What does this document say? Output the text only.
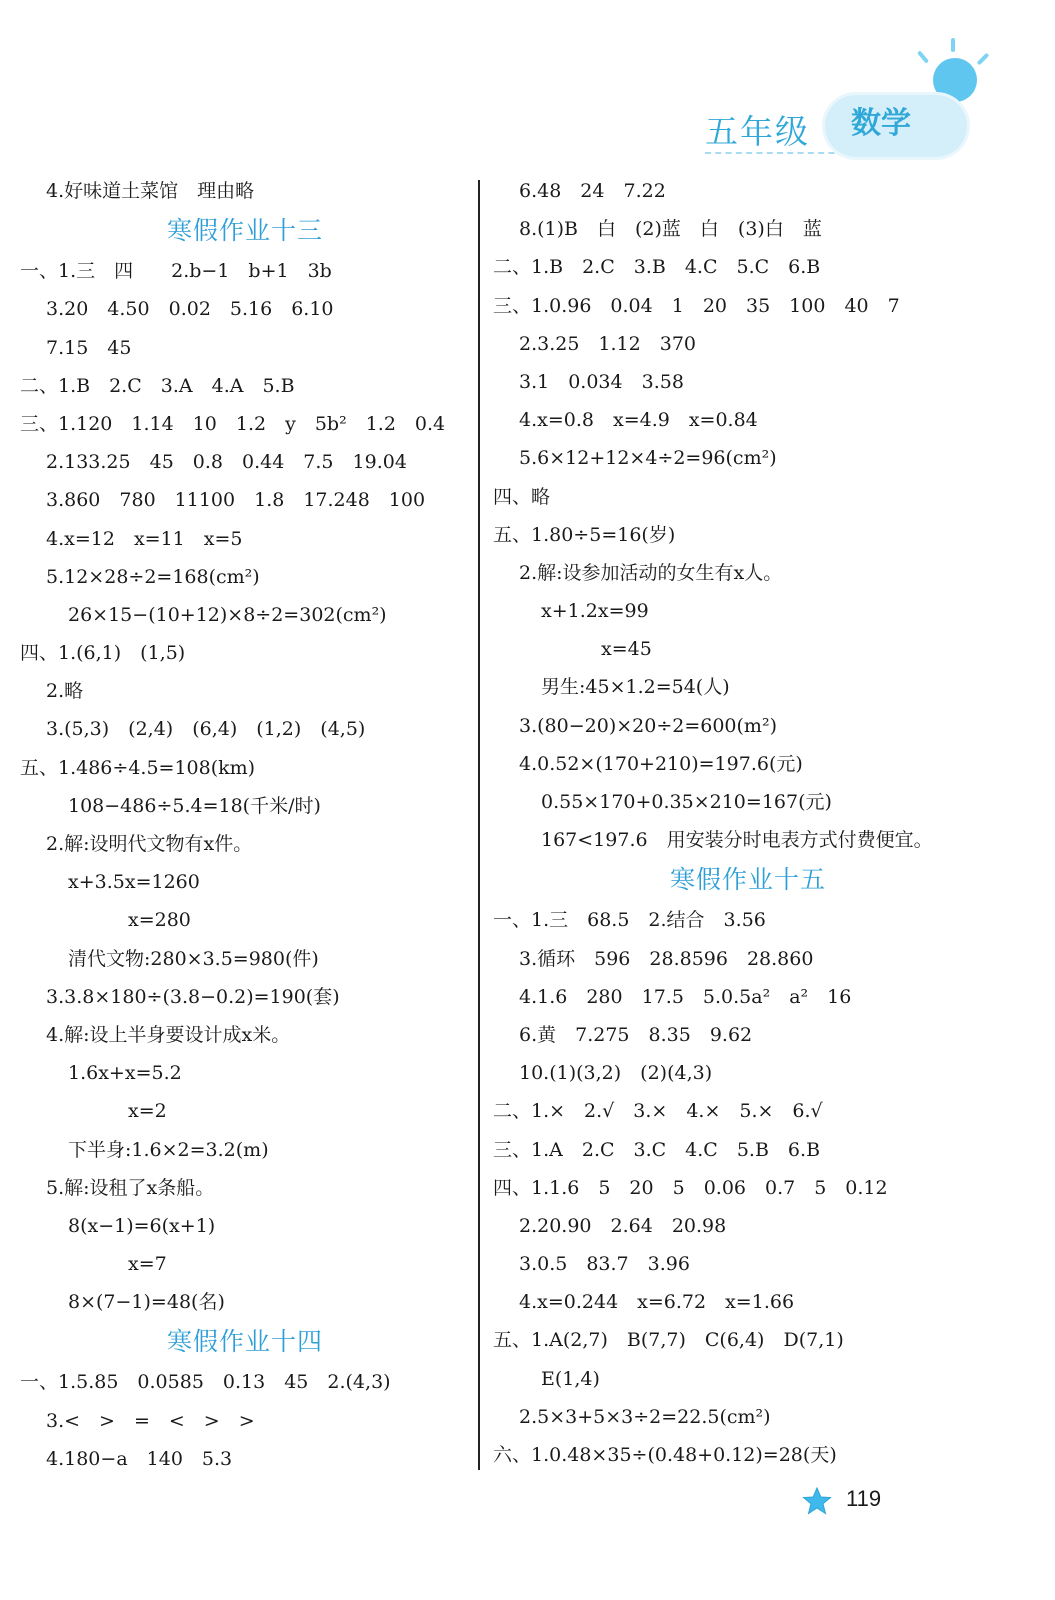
五年级 数学
4.好味道土菜馆　理由略
寒假作业十三
一、1.三　四　　2.b−1　b+1　3b
3.20　4.50　0.02　5.16　6.10
7.15　45
二、1.B　2.C　3.A　4.A　5.B
三、1.120　1.14　10　1.2　y　5b²　1.2　0.4
2.133.25　45　0.8　0.44　7.5　19.04
3.860　780　11100　1.8　17.248　100
4.x=12　x=11　x=5
5.12×28÷2=168(cm²)
26×15−(10+12)×8÷2=302(cm²)
四、1.(6,1)　(1,5)
2.略
3.(5,3)　(2,4)　(6,4)　(1,2)　(4,5)
五、1.486÷4.5=108(km)
108−486÷5.4=18(千米/时)
2.解:设明代文物有x件。
x+3.5x=1260
x=280
清代文物:280×3.5=980(件)
3.3.8×180÷(3.8−0.2)=190(套)
4.解:设上半身要设计成x米。
1.6x+x=5.2
x=2
下半身:1.6×2=3.2(m)
5.解:设租了x条船。
8(x−1)=6(x+1)
x=7
8×(7−1)=48(名)
寒假作业十四
一、1.5.85　0.0585　0.13　45　2.(4,3)
3.<　>　=　<　>　>
4.180−a　140　5.3
6.48　24　7.22
8.(1)B　白　(2)蓝　白　(3)白　蓝
二、1.B　2.C　3.B　4.C　5.C　6.B
三、1.0.96　0.04　1　20　35　100　40　7
2.3.25　1.12　370
3.1　0.034　3.58
4.x=0.8　x=4.9　x=0.84
5.6×12+12×4÷2=96(cm²)
四、略
五、1.80÷5=16(岁)
2.解:设参加活动的女生有x人。
x+1.2x=99
x=45
男生:45×1.2=54(人)
3.(80−20)×20÷2=600(m²)
4.0.52×(170+210)=197.6(元)
0.55×170+0.35×210=167(元)
167<197.6　用安装分时电表方式付费便宜。
寒假作业十五
一、1.三　68.5　2.结合　3.56
3.循环　596　28.8596　28.860
4.1.6　280　17.5　5.0.5a²　a²　16
6.黄　7.275　8.35　9.62
10.(1)(3,2)　(2)(4,3)
二、1.×　2.√　3.×　4.×　5.×　6.√
三、1.A　2.C　3.C　4.C　5.B　6.B
四、1.1.6　5　20　5　0.06　0.7　5　0.12
2.20.90　2.64　20.98
3.0.5　83.7　3.96
4.x=0.244　x=6.72　x=1.66
五、1.A(2,7)　B(7,7)　C(6,4)　D(7,1)
E(1,4)
2.5×3+5×3÷2=22.5(cm²)
六、1.0.48×35÷(0.48+0.12)=28(天)
119
